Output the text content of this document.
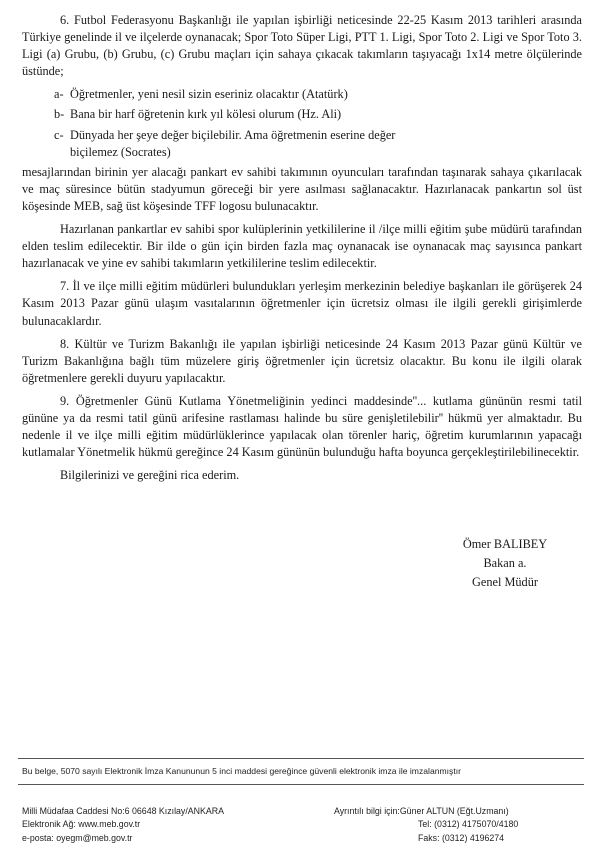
6. Futbol Federasyonu Başkanlığı ile yapılan işbirliği neticesinde 22-25 Kasım 2013 tarihleri arasında Türkiye genelinde il ve ilçelerde oynanacak; Spor Toto Süper Ligi, PTT 1. Ligi, Spor Toto 2. Ligi ve Spor Toto 3. Ligi (a) Grubu, (b) Grubu, (c) Grubu maçları için sahaya çıkacak takımların taşıyacağı 1x14 metre ölçülerinde üstünde;

a- Öğretmenler, yeni nesil sizin eseriniz olacaktır (Atatürk)
b- Bana bir harf öğretenin kırk yıl kölesi olurum (Hz. Ali)
c- Dünyada her şeye değer biçilebilir. Ama öğretmenin eserine değer
biçilemez (Socrates)

mesajlarından birinin yer alacağı pankart ev sahibi takımının oyuncuları tarafından taşınarak sahaya çıkarılacak ve maç süresince bütün stadyumun göreceği bir yere asılması sağlanacaktır. Hazırlanacak pankartın sol üst köşesinde MEB, sağ üst köşesinde TFF logosu bulunacaktır.

Hazırlanan pankartlar ev sahibi spor kulüplerinin yetkililerine il /ilçe milli eğitim şube müdürü tarafından elden teslim edilecektir. Bir ilde o gün için birden fazla maç oynanacak ise oynanacak maç sayısınca pankart hazırlanacak ve yine ev sahibi takımların yetkililerine teslim edilecektir.

7. İl ve ilçe milli eğitim müdürleri bulundukları yerleşim merkezinin belediye başkanları ile görüşerek 24 Kasım 2013 Pazar günü ulaşım vasıtalarının öğretmenler için ücretsiz olması ile ilgili gerekli girişimlerde bulunacaklardır.

8. Kültür ve Turizm Bakanlığı ile yapılan işbirliği neticesinde 24 Kasım 2013 Pazar günü Kültür ve Turizm Bakanlığına bağlı tüm müzelere giriş öğretmenler için ücretsiz olacaktır. Bu konu ile ilgili olarak öğretmenlere gerekli duyuru yapılacaktır.

9. Öğretmenler Günü Kutlama Yönetmeliğinin yedinci maddesinde''... kutlama gününün resmi tatil gününe ya da resmi tatil günü arifesine rastlaması halinde bu süre genişletilebilir'' hükmü yer almaktadır. Bu nedenle il ve ilçe milli eğitim müdürlüklerince yapılacak olan törenler hariç, öğretim kurumlarının yapacağı kutlamalar Yönetmelik hükmü gereğince 24 Kasım gününün bulunduğu hafta boyunca gerçekleştirilebilinecektir.

Bilgilerinizi ve gereğini rica ederim.

Ömer BALIBEY
Bakan a.
Genel Müdür
Bu belge, 5070 sayılı Elektronik İmza Kanununun 5 inci maddesi gereğince güvenli elektronik imza ile imzalanmıştır
Milli Müdafaa Caddesi No:6 06648 Kızılay/ANKARA
Elektronik Ağ: www.meb.gov.tr
e-posta: oyegm@meb.gov.tr
Ayrıntılı bilgi için:Güner ALTUN (Eğt.Uzmanı)
Tel: (0312) 4175070/4180
Faks: (0312) 4196274
